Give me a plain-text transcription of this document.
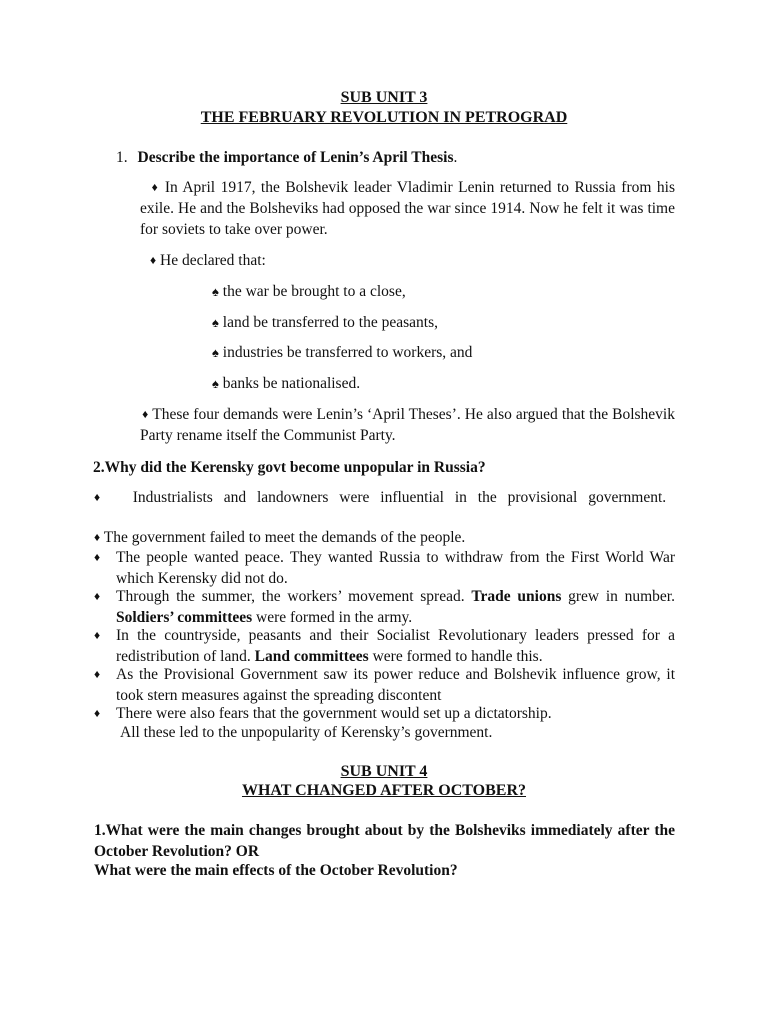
SUB UNIT 3
THE FEBRUARY REVOLUTION IN PETROGRAD
1. Describe the importance of Lenin’s April Thesis.
♦ In April 1917, the Bolshevik leader Vladimir Lenin returned to Russia from his exile. He and the Bolsheviks had opposed the war since 1914. Now he felt it was time for soviets to take over power.
♦ He declared that:
♠ the war be brought to a close,
♠ land be transferred to the peasants,
♠ industries be transferred to workers, and
♠ banks be nationalised.
♦ These four demands were Lenin’s ‘April Theses’. He also argued that the Bolshevik Party rename itself the Communist Party.
2.Why did the Kerensky govt become unpopular in Russia?
♦ Industrialists and landowners were influential in the provisional government.
♦ The government failed to meet the demands of the people.
♦ The people wanted peace. They wanted Russia to withdraw from the First World War which Kerensky did not do.
♦ Through the summer, the workers’ movement spread. Trade unions grew in number. Soldiers’ committees were formed in the army.
♦ In the countryside, peasants and their Socialist Revolutionary leaders pressed for a redistribution of land. Land committees were formed to handle this.
♦ As the Provisional Government saw its power reduce and Bolshevik influence grow, it took stern measures against the spreading discontent
♦ There were also fears that the government would set up a dictatorship.
All these led to the unpopularity of Kerensky’s government.
SUB UNIT 4
WHAT CHANGED AFTER OCTOBER?
1.What were the main changes brought about by the Bolsheviks immediately after the October Revolution? OR
What were the main effects of the October Revolution?
